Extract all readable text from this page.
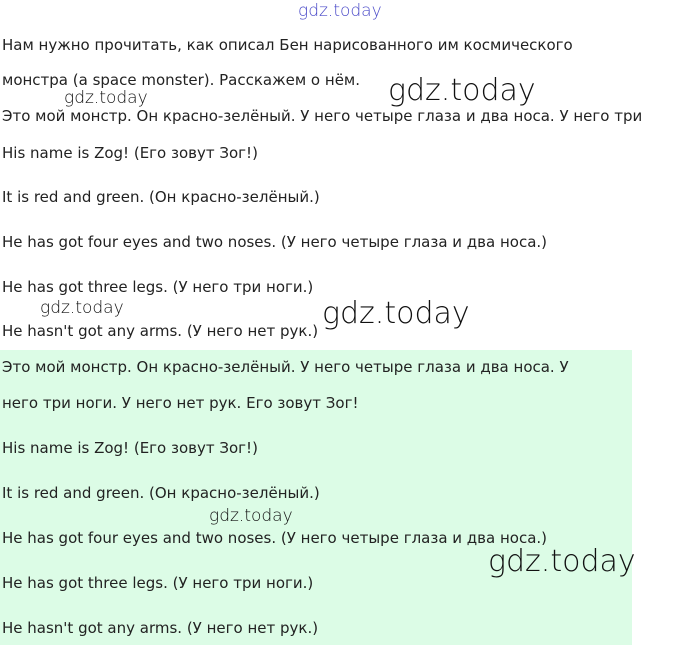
Нам нужно прочитать, как описал Бен нарисованного им космического

монстра (a space monster). Расскажем о нём.

Это мой монстр. Он красно-зелёный. У него четыре глаза и два носа. У него три

His name is Zog! (Его зовут Зог!)

It is red and green. (Он красно-зелёный.)

He has got four eyes and two noses. (У него четыре глаза и два носа.)

He has got three legs. (У него три ноги.)

He hasn't got any arms. (У него нет рук.)

Это мой монстр. Он красно-зелёный. У него четыре глаза и два носа. У

него три ноги. У него нет рук. Его зовут Зог!

His name is Zog! (Его зовут Зог!)

It is red and green. (Он красно-зелёный.)

He has got four eyes and two noses. (У него четыре глаза и два носа.)

He has got three legs. (У него три ноги.)

He hasn't got any arms. (У него нет рук.)

gdz.today
gdz.today
gdz.today
gdz.today	gdz.today
gdz.today
gdz.today
